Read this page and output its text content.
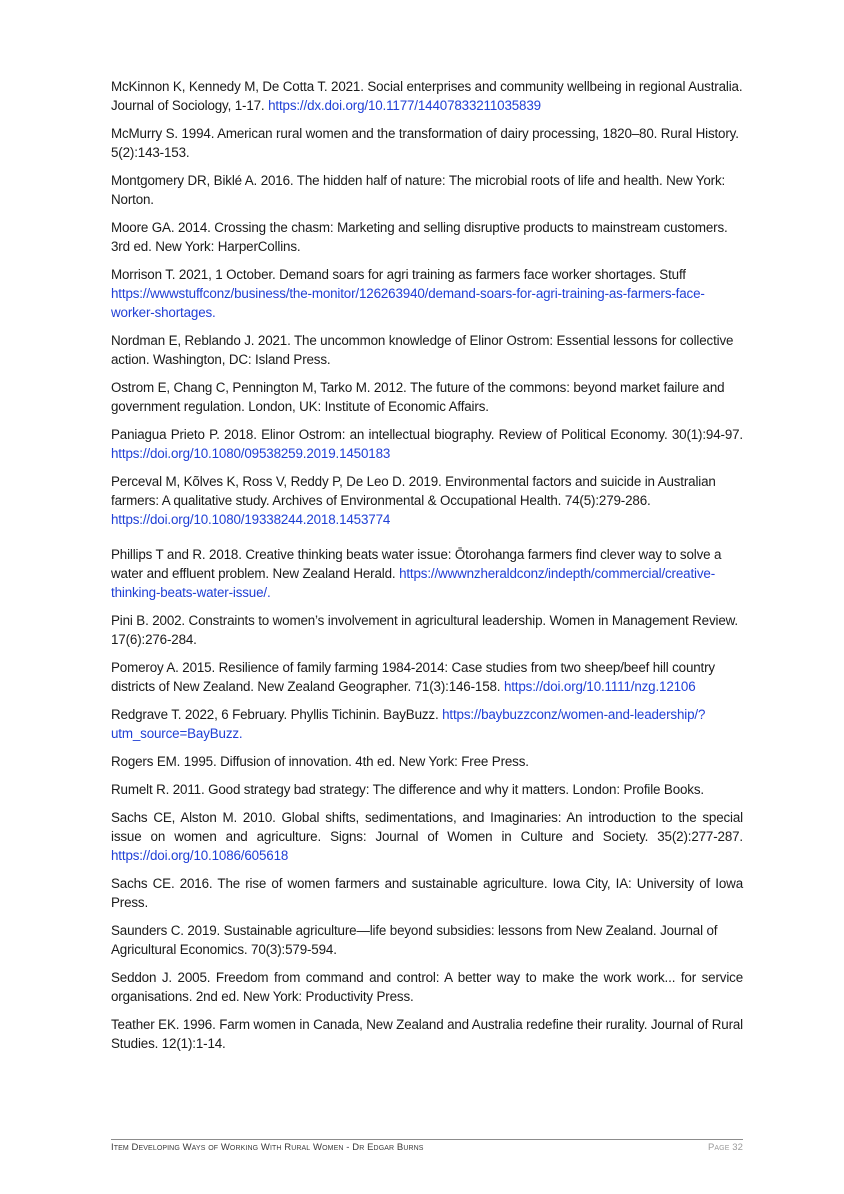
McKinnon K, Kennedy M, De Cotta T. 2021. Social enterprises and community wellbeing in regional Australia. Journal of Sociology, 1-17. https://dx.doi.org/10.1177/14407833211035839

McMurry S. 1994. American rural women and the transformation of dairy processing, 1820–80. Rural History. 5(2):143-153.

Montgomery DR, Biklé A. 2016. The hidden half of nature: The microbial roots of life and health. New York: Norton.

Moore GA. 2014. Crossing the chasm: Marketing and selling disruptive products to mainstream customers. 3rd ed. New York: HarperCollins.

Morrison T. 2021, 1 October. Demand soars for agri training as farmers face worker shortages. Stuff https://wwwstuffconz/business/the-monitor/126263940/demand-soars-for-agri-training-as-farmers-face-worker-shortages.

Nordman E, Reblando J. 2021. The uncommon knowledge of Elinor Ostrom: Essential lessons for collective action. Washington, DC: Island Press.

Ostrom E, Chang C, Pennington M, Tarko M. 2012. The future of the commons: beyond market failure and government regulation. London, UK: Institute of Economic Affairs.

Paniagua Prieto P. 2018. Elinor Ostrom: an intellectual biography. Review of Political Economy. 30(1):94-97. https://doi.org/10.1080/09538259.2019.1450183

Perceval M, Kõlves K, Ross V, Reddy P, De Leo D. 2019. Environmental factors and suicide in Australian farmers: A qualitative study. Archives of Environmental & Occupational Health. 74(5):279-286. https://doi.org/10.1080/19338244.2018.1453774

Phillips T and R. 2018. Creative thinking beats water issue: Ōtorohanga farmers find clever way to solve a water and effluent problem. New Zealand Herald. https://wwwnzheraldconz/indepth/commercial/creative-thinking-beats-water-issue/.

Pini B. 2002. Constraints to women’s involvement in agricultural leadership. Women in Management Review. 17(6):276-284.

Pomeroy A. 2015. Resilience of family farming 1984-2014: Case studies from two sheep/beef hill country districts of New Zealand. New Zealand Geographer. 71(3):146-158. https://doi.org/10.1111/nzg.12106

Redgrave T. 2022, 6 February. Phyllis Tichinin. BayBuzz. https://baybuzzconz/women-and-leadership/?utm_source=BayBuzz.

Rogers EM. 1995. Diffusion of innovation. 4th ed. New York: Free Press.

Rumelt R. 2011. Good strategy bad strategy: The difference and why it matters. London: Profile Books.

Sachs CE, Alston M. 2010. Global shifts, sedimentations, and Imaginaries: An introduction to the special issue on women and agriculture. Signs: Journal of Women in Culture and Society. 35(2):277-287. https://doi.org/10.1086/605618

Sachs CE. 2016. The rise of women farmers and sustainable agriculture. Iowa City, IA: University of Iowa Press.

Saunders C. 2019. Sustainable agriculture—life beyond subsidies: lessons from New Zealand. Journal of Agricultural Economics. 70(3):579-594.

Seddon J. 2005. Freedom from command and control: A better way to make the work work... for service organisations. 2nd ed. New York: Productivity Press.

Teather EK. 1996. Farm women in Canada, New Zealand and Australia redefine their rurality. Journal of Rural Studies. 12(1):1-14.

Item Developing Ways of Working With Rural Women - Dr Edgar Burns	Page 32
